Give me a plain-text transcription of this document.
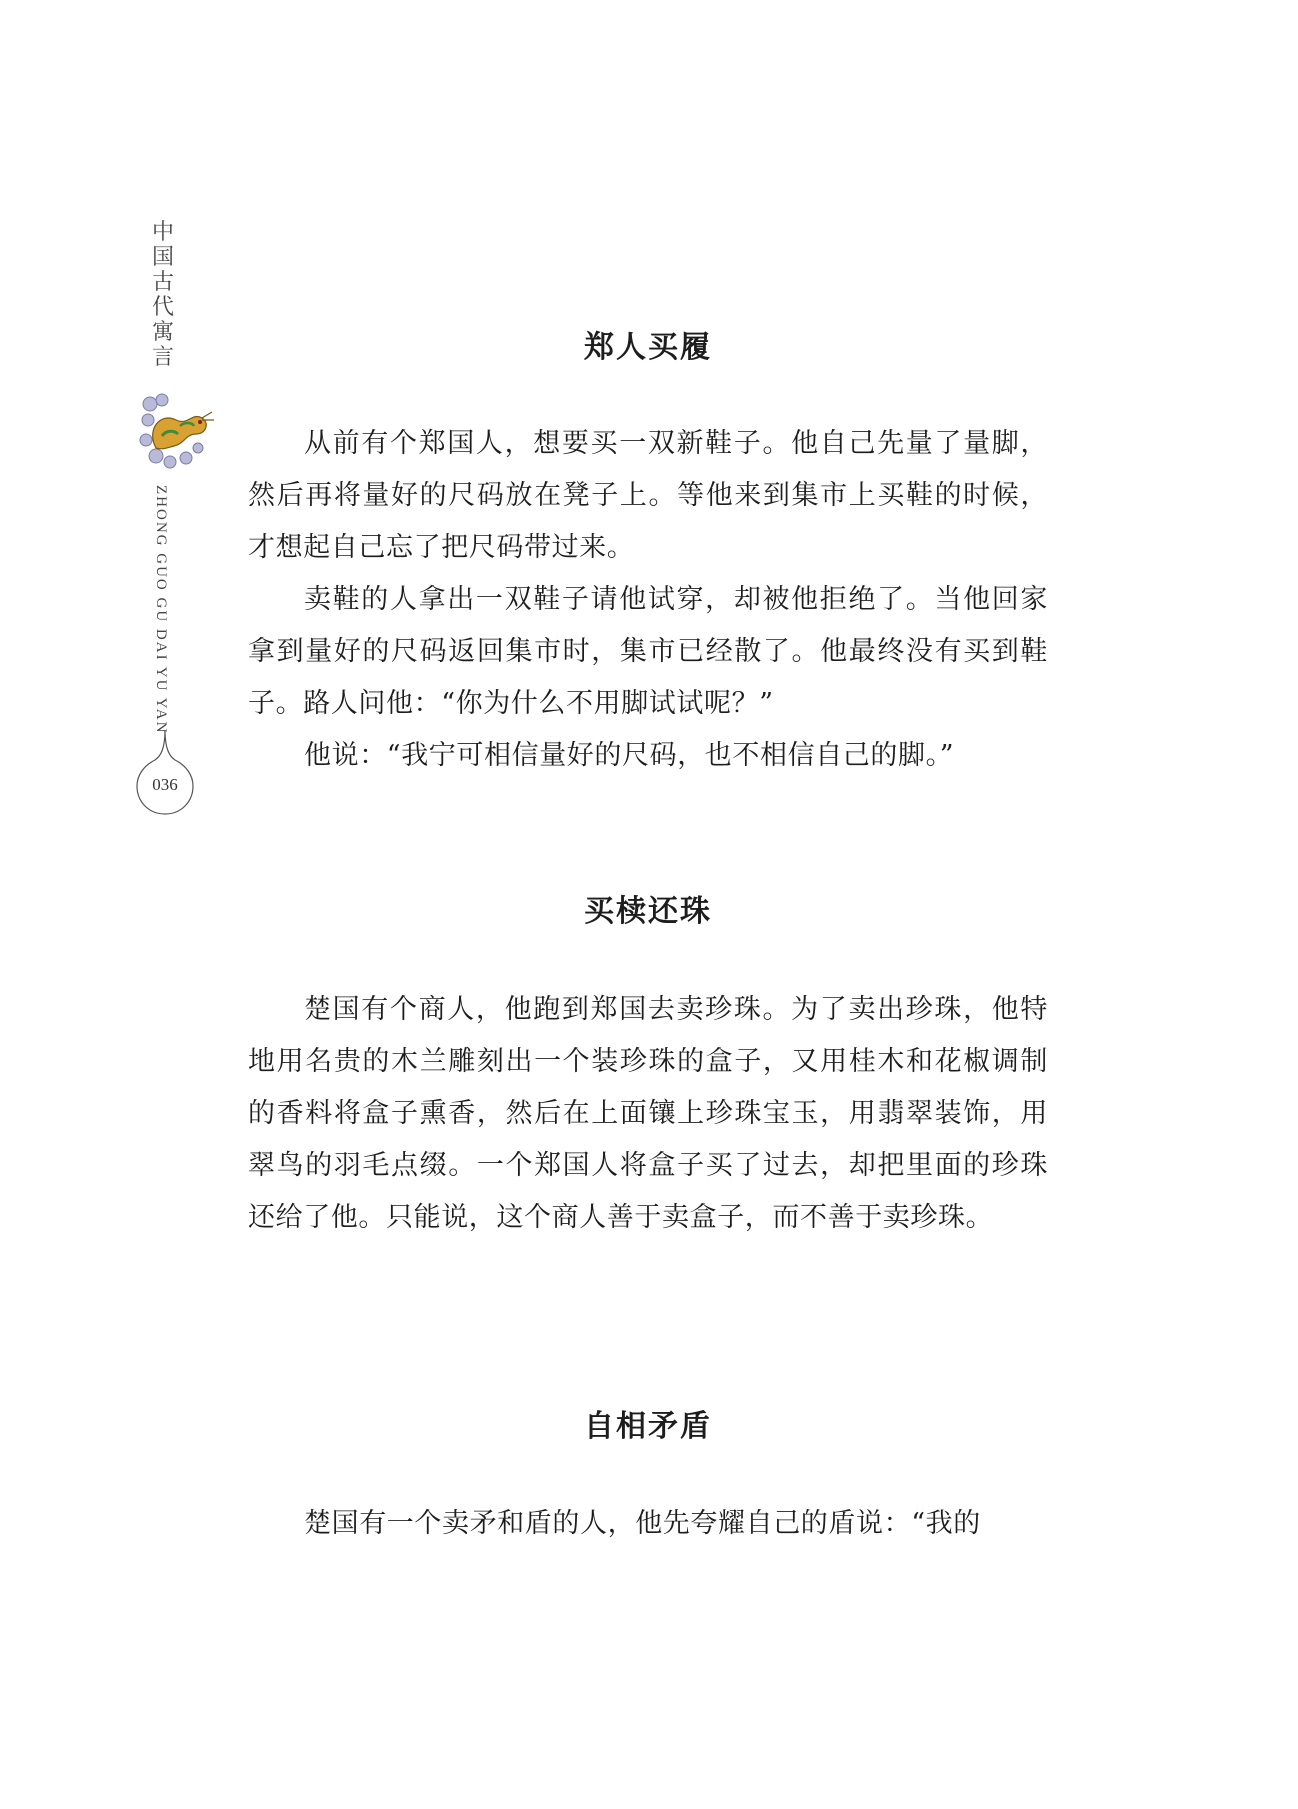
中
国
古
代
寓
言
ZHONG GUO GU DAI YU YAN
036
郑人买履

从前有个郑国人，想要买一双新鞋子。他自己先量了量脚，然后再将量好的尺码放在凳子上。等他来到集市上买鞋的时候，才想起自己忘了把尺码带过来。

卖鞋的人拿出一双鞋子请他试穿，却被他拒绝了。当他回家拿到量好的尺码返回集市时，集市已经散了。他最终没有买到鞋子。路人问他：“你为什么不用脚试试呢？”

他说：“我宁可相信量好的尺码，也不相信自己的脚。”

买椟还珠

楚国有个商人，他跑到郑国去卖珍珠。为了卖出珍珠，他特地用名贵的木兰雕刻出一个装珍珠的盒子，又用桂木和花椒调制的香料将盒子熏香，然后在上面镶上珍珠宝玉，用翡翠装饰，用翠鸟的羽毛点缀。一个郑国人将盒子买了过去，却把里面的珍珠还给了他。只能说，这个商人善于卖盒子，而不善于卖珍珠。

自相矛盾

楚国有一个卖矛和盾的人，他先夸耀自己的盾说：“我的
